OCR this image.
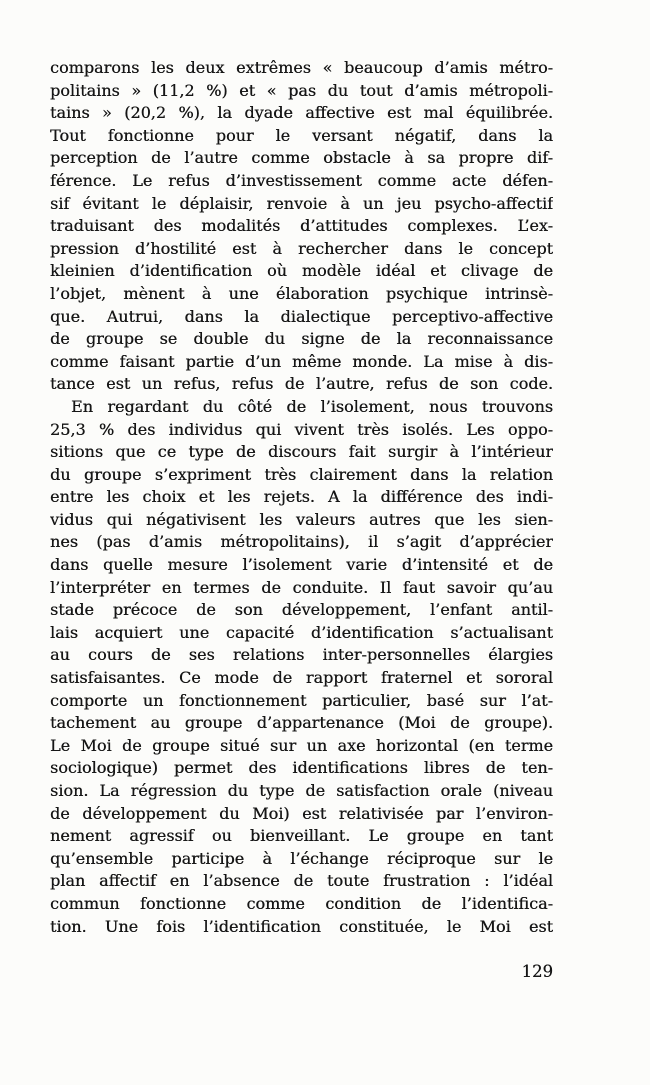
comparons les deux extrêmes « beaucoup d’amis métro-
politains » (11,2 %) et « pas du tout d’amis métropoli-
tains » (20,2 %), la dyade affective est mal équilibrée.
Tout fonctionne pour le versant négatif, dans la
perception de l’autre comme obstacle à sa propre dif-
férence. Le refus d’investissement comme acte défen-
sif évitant le déplaisir, renvoie à un jeu psycho-affectif
traduisant des modalités d’attitudes complexes. L’ex-
pression d’hostilité est à rechercher dans le concept
kleinien d’identification où modèle idéal et clivage de
l’objet, mènent à une élaboration psychique intrinsè-
que. Autrui, dans la dialectique perceptivo-affective
de groupe se double du signe de la reconnaissance
comme faisant partie d’un même monde. La mise à dis-
tance est un refus, refus de l’autre, refus de son code.

En regardant du côté de l’isolement, nous trouvons
25,3 % des individus qui vivent très isolés. Les oppo-
sitions que ce type de discours fait surgir à l’intérieur
du groupe s’expriment très clairement dans la relation
entre les choix et les rejets. A la différence des indi-
vidus qui négativisent les valeurs autres que les sien-
nes (pas d’amis métropolitains), il s’agit d’apprécier
dans quelle mesure l’isolement varie d’intensité et de
l’interpréter en termes de conduite. Il faut savoir qu’au
stade précoce de son développement, l’enfant antil-
lais acquiert une capacité d’identification s’actualisant
au cours de ses relations inter-personnelles élargies
satisfaisantes. Ce mode de rapport fraternel et sororal
comporte un fonctionnement particulier, basé sur l’at-
tachement au groupe d’appartenance (Moi de groupe).
Le Moi de groupe situé sur un axe horizontal (en terme
sociologique) permet des identifications libres de ten-
sion. La régression du type de satisfaction orale (niveau
de développement du Moi) est relativisée par l’environ-
nement agressif ou bienveillant. Le groupe en tant
qu’ensemble participe à l’échange réciproque sur le
plan affectif en l’absence de toute frustration : l’idéal
commun fonctionne comme condition de l’identifica-
tion. Une fois l’identification constituée, le Moi est

129
